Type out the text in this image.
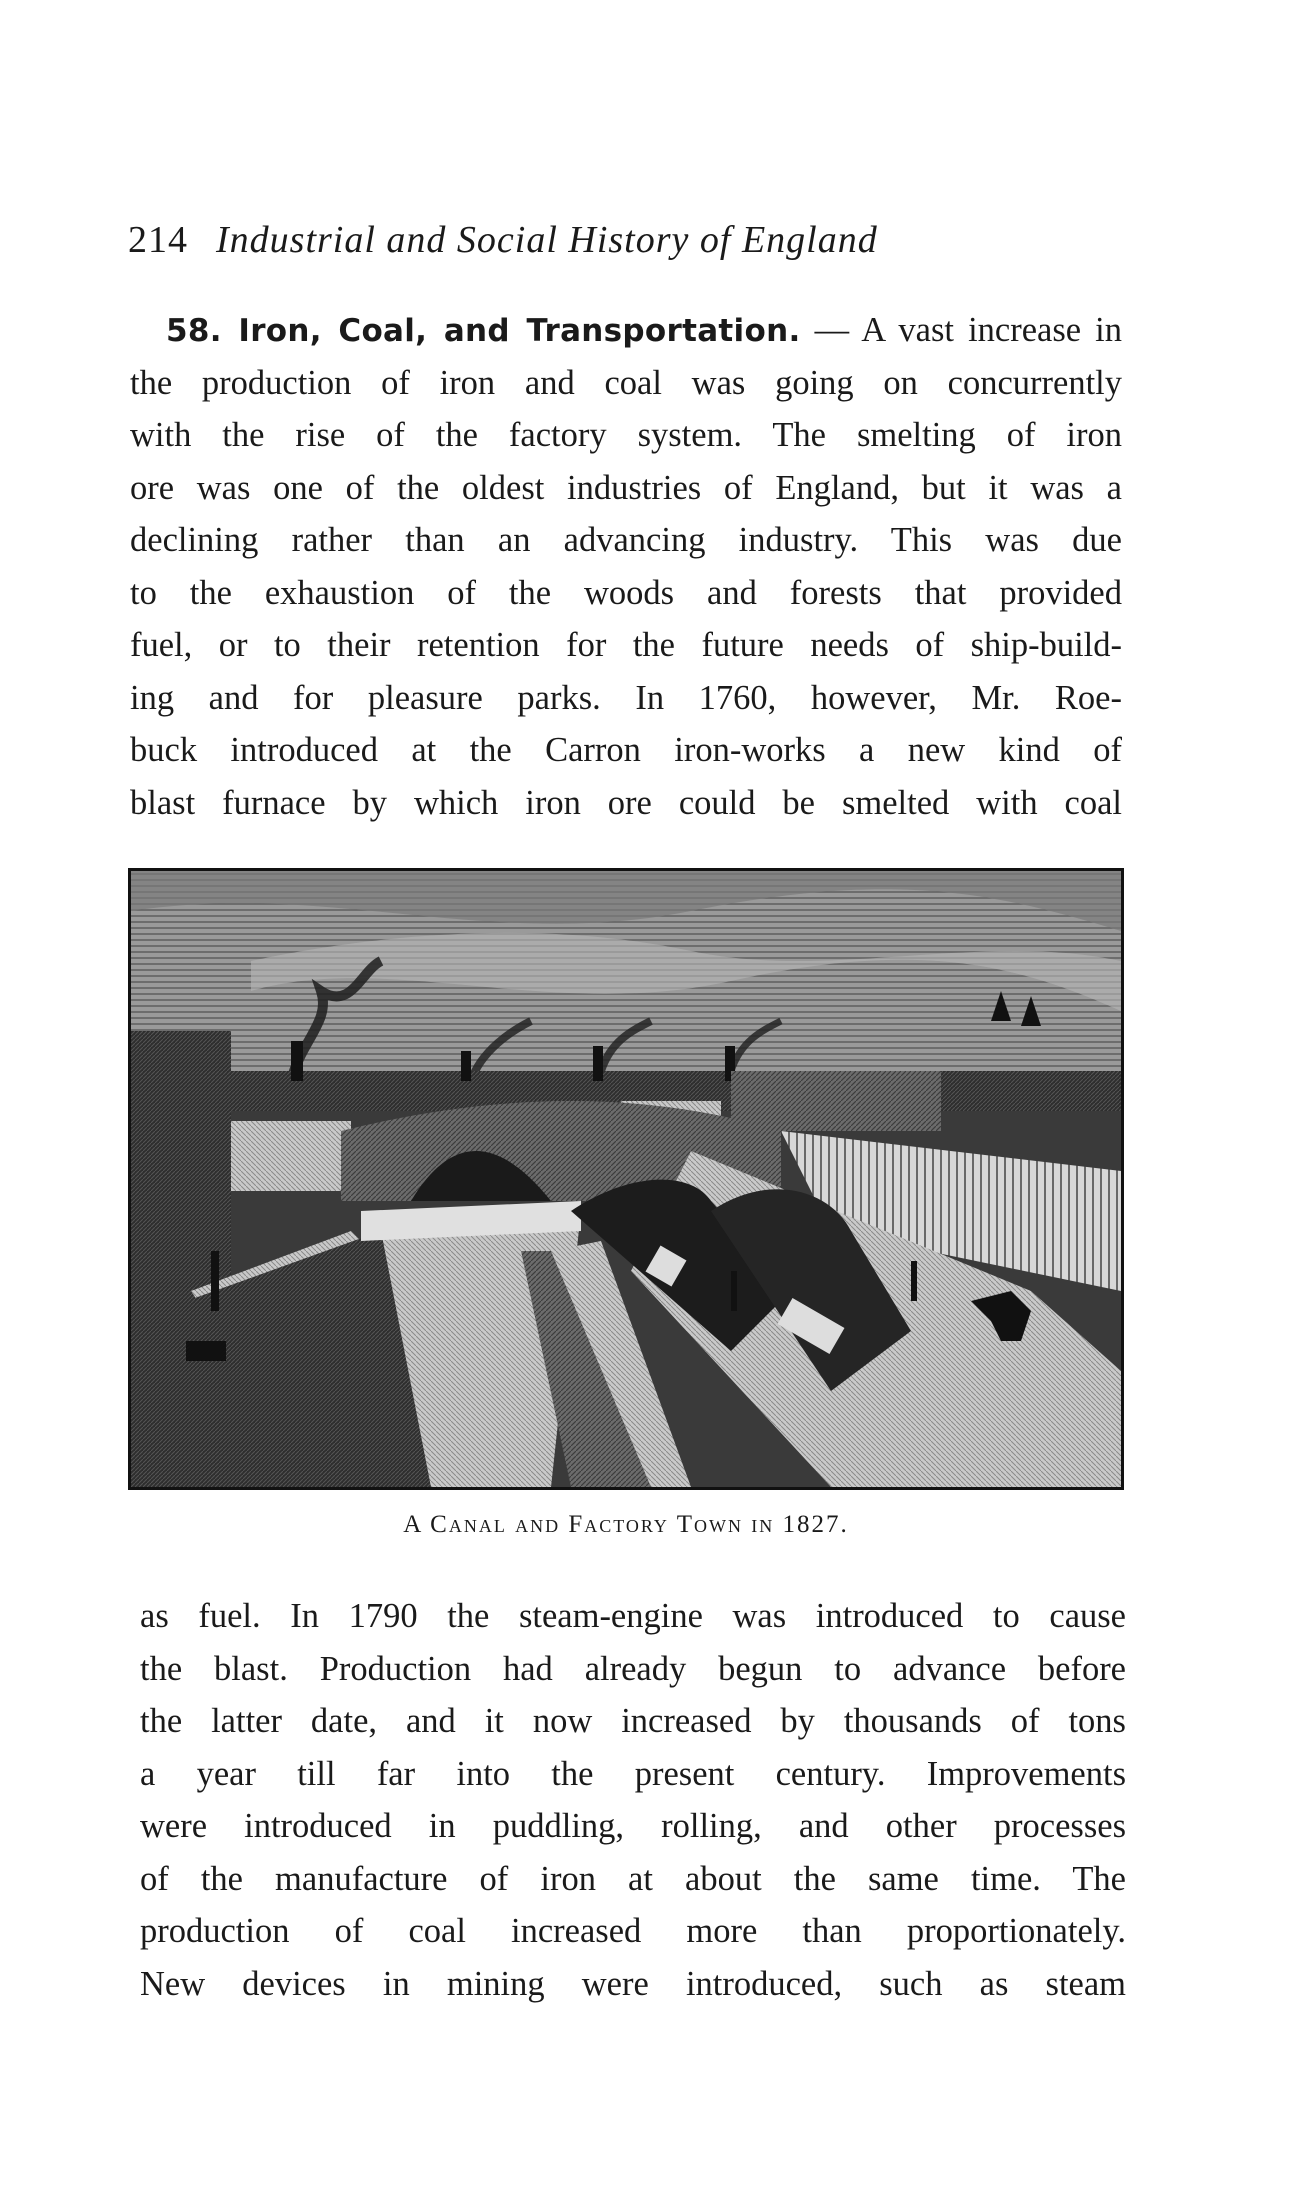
214 Industrial and Social History of England
58. Iron, Coal, and Transportation. — A vast increase in
the production of iron and coal was going on concurrently
with the rise of the factory system. The smelting of iron
ore was one of the oldest industries of England, but it was a
declining rather than an advancing industry. This was due
to the exhaustion of the woods and forests that provided
fuel, or to their retention for the future needs of ship-build-
ing and for pleasure parks. In 1760, however, Mr. Roe-
buck introduced at the Carron iron-works a new kind of
blast furnace by which iron ore could be smelted with coal
A Canal and Factory Town in 1827.
as fuel. In 1790 the steam-engine was introduced to cause
the blast. Production had already begun to advance before
the latter date, and it now increased by thousands of tons
a year till far into the present century. Improvements
were introduced in puddling, rolling, and other processes
of the manufacture of iron at about the same time. The
production of coal increased more than proportionately.
New devices in mining were introduced, such as steam
